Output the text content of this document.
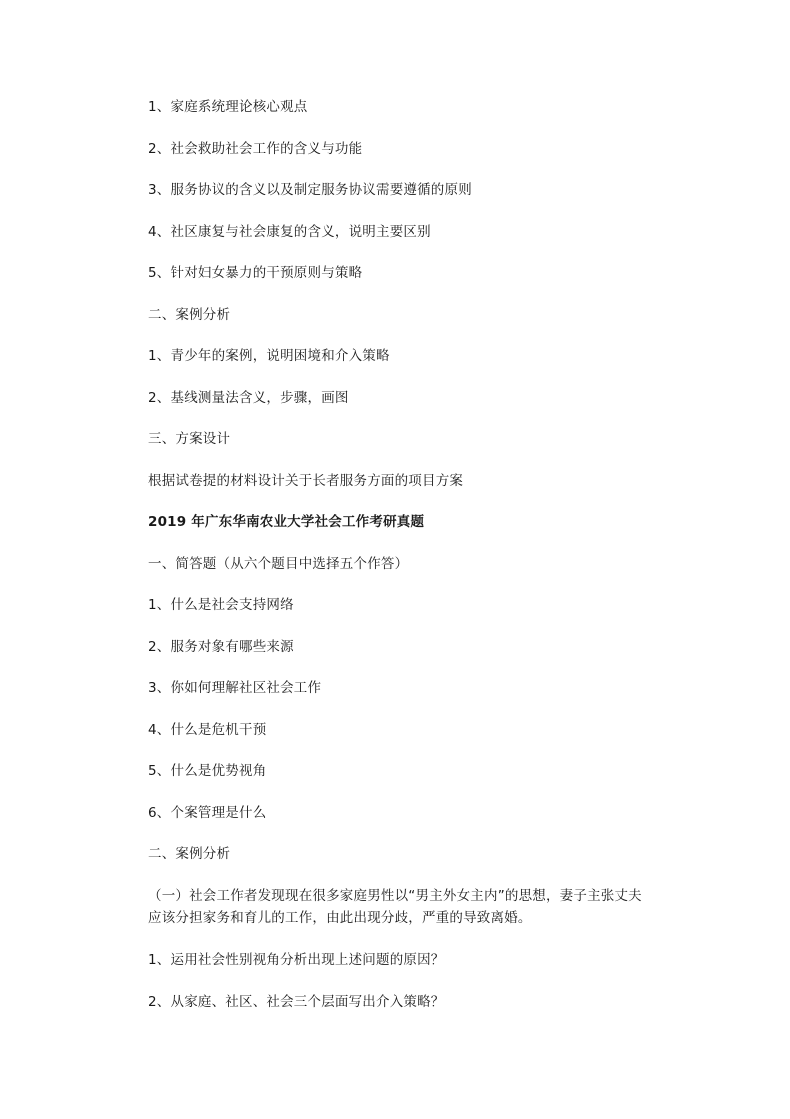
1、家庭系统理论核心观点
2、社会救助社会工作的含义与功能
3、服务协议的含义以及制定服务协议需要遵循的原则
4、社区康复与社会康复的含义，说明主要区别
5、针对妇女暴力的干预原则与策略
二、案例分析
1、青少年的案例，说明困境和介入策略
2、基线测量法含义，步骤，画图
三、方案设计
根据试卷提的材料设计关于长者服务方面的项目方案
2019 年广东华南农业大学社会工作考研真题
一、简答题（从六个题目中选择五个作答）
1、什么是社会支持网络
2、服务对象有哪些来源
3、你如何理解社区社会工作
4、什么是危机干预
5、什么是优势视角
6、个案管理是什么
二、案例分析
（一）社会工作者发现现在很多家庭男性以“男主外女主内”的思想，妻子主张丈夫
应该分担家务和育儿的工作，由此出现分歧，严重的导致离婚。
1、运用社会性别视角分析出现上述问题的原因？
2、从家庭、社区、社会三个层面写出介入策略？
